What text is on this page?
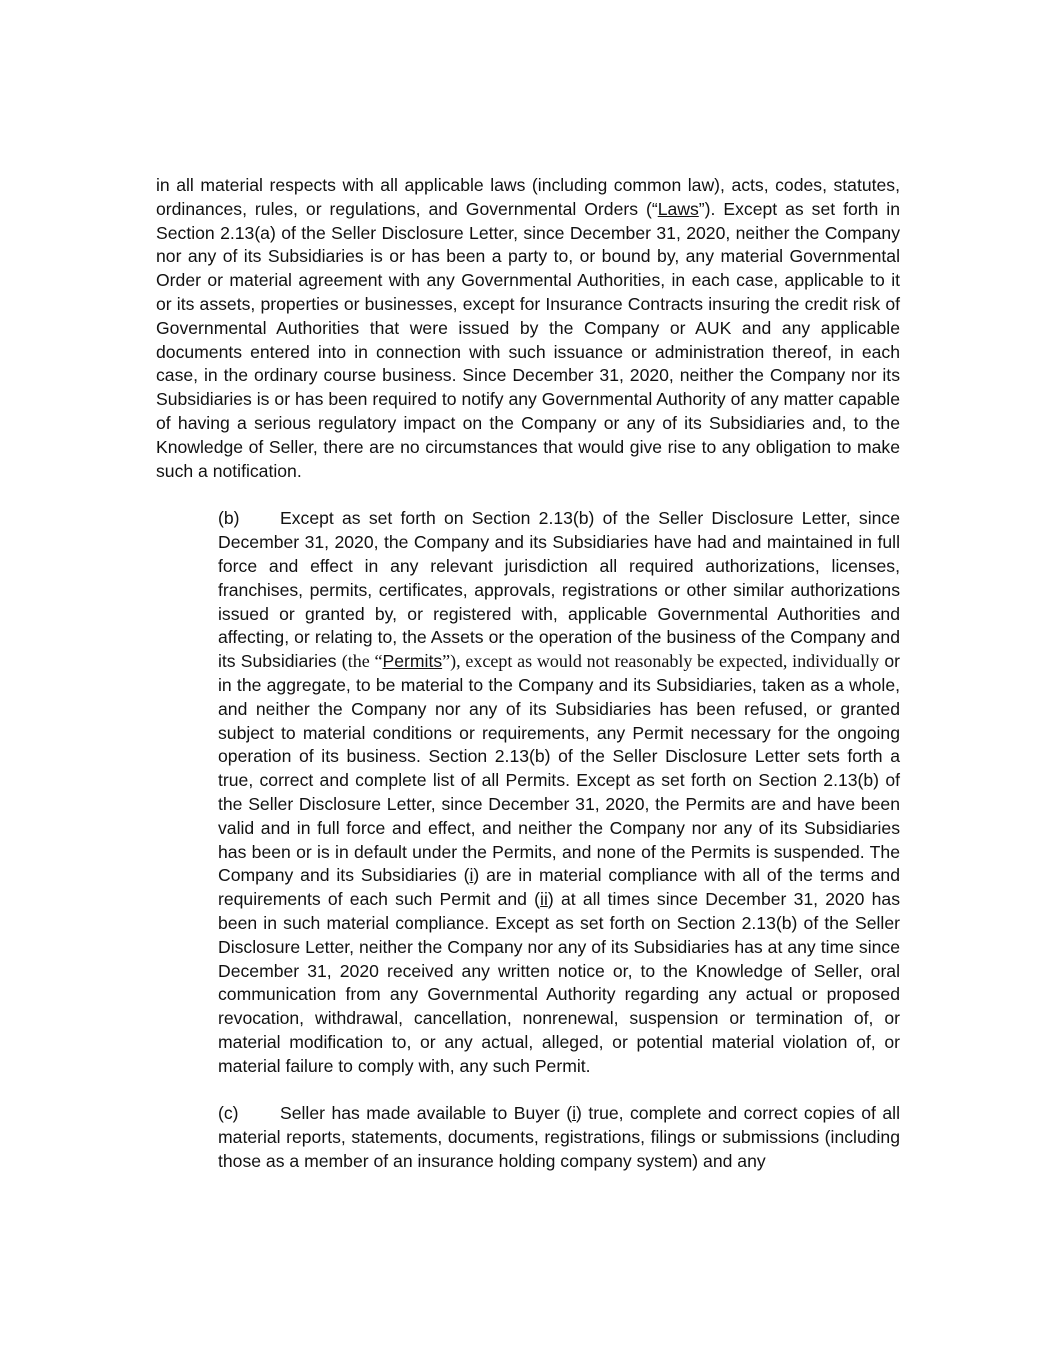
in all material respects with all applicable laws (including common law), acts, codes, statutes, ordinances, rules, or regulations, and Governmental Orders (“Laws”). Except as set forth in Section 2.13(a) of the Seller Disclosure Letter, since December 31, 2020, neither the Company nor any of its Subsidiaries is or has been a party to, or bound by, any material Governmental Order or material agreement with any Governmental Authorities, in each case, applicable to it or its assets, properties or businesses, except for Insurance Contracts insuring the credit risk of Governmental Authorities that were issued by the Company or AUK and any applicable documents entered into in connection with such issuance or administration thereof, in each case, in the ordinary course business. Since December 31, 2020, neither the Company nor its Subsidiaries is or has been required to notify any Governmental Authority of any matter capable of having a serious regulatory impact on the Company or any of its Subsidiaries and, to the Knowledge of Seller, there are no circumstances that would give rise to any obligation to make such a notification.

(b) Except as set forth on Section 2.13(b) of the Seller Disclosure Letter, since December 31, 2020, the Company and its Subsidiaries have had and maintained in full force and effect in any relevant jurisdiction all required authorizations, licenses, franchises, permits, certificates, approvals, registrations or other similar authorizations issued or granted by, or registered with, applicable Governmental Authorities and affecting, or relating to, the Assets or the operation of the business of the Company and its Subsidiaries (the “Permits”), except as would not reasonably be expected, individually or in the aggregate, to be material to the Company and its Subsidiaries, taken as a whole, and neither the Company nor any of its Subsidiaries has been refused, or granted subject to material conditions or requirements, any Permit necessary for the ongoing operation of its business. Section 2.13(b) of the Seller Disclosure Letter sets forth a true, correct and complete list of all Permits. Except as set forth on Section 2.13(b) of the Seller Disclosure Letter, since December 31, 2020, the Permits are and have been valid and in full force and effect, and neither the Company nor any of its Subsidiaries has been or is in default under the Permits, and none of the Permits is suspended. The Company and its Subsidiaries (i) are in material compliance with all of the terms and requirements of each such Permit and (ii) at all times since December 31, 2020 has been in such material compliance. Except as set forth on Section 2.13(b) of the Seller Disclosure Letter, neither the Company nor any of its Subsidiaries has at any time since December 31, 2020 received any written notice or, to the Knowledge of Seller, oral communication from any Governmental Authority regarding any actual or proposed revocation, withdrawal, cancellation, nonrenewal, suspension or termination of, or material modification to, or any actual, alleged, or potential material violation of, or material failure to comply with, any such Permit.

(c) Seller has made available to Buyer (i) true, complete and correct copies of all material reports, statements, documents, registrations, filings or submissions (including those as a member of an insurance holding company system) and any
